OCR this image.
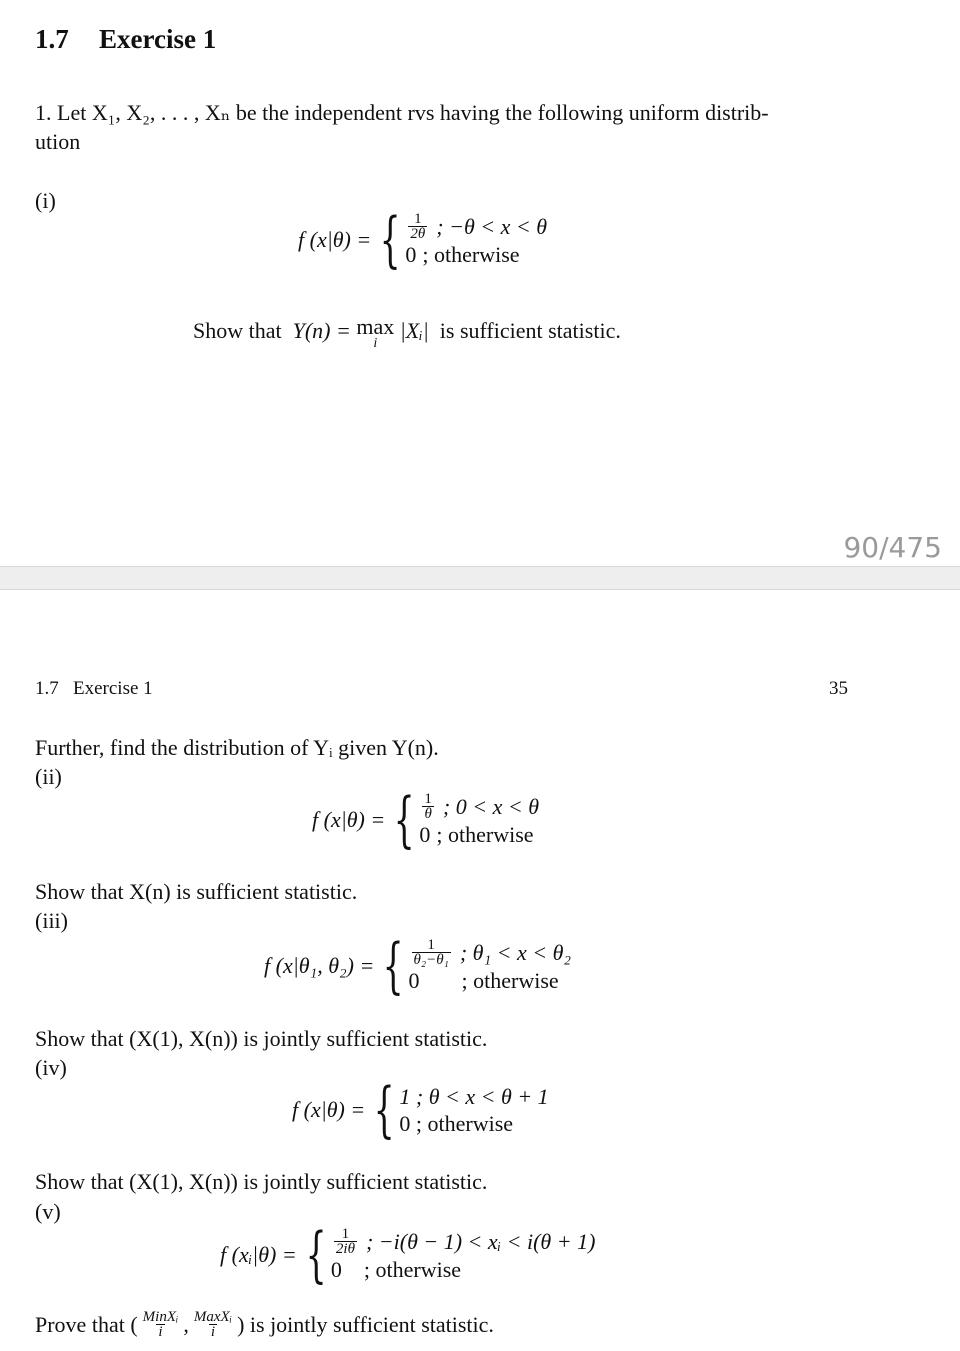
1.7 Exercise 1
1. Let X₁, X₂, . . . , Xₙ be the independent rvs having the following uniform distrib-
ution
(i)
f (x|θ) = { $\frac{1}{2\theta}$ ; −θ < x < θ
0 ; otherwise
Show that Y(n) = max
i
|Xᵢ| is sufficient statistic.
90/475
1.7 Exercise 1	35
Further, find the distribution of Yᵢ given Y(n).
(ii)
f (x|θ) = { $\frac{1}{\theta}$ ; 0 < x < θ
0 ; otherwise
Show that X(n) is sufficient statistic.
(iii)
f (x|θ₁, θ₂) = { $\frac{1}{\text{θ₂−θ₁}}$ ; θ₁ < x < θ₂
0 ; otherwise
Show that (X(1), X(n)) is jointly sufficient statistic.
(iv)
f (x|θ) = { 1 ; θ < x < θ + 1
0 ; otherwise
Show that (X(1), X(n)) is jointly sufficient statistic.
(v)
f (xᵢ|θ) = { $\frac{1}{2i\theta}$ ; −i(θ − 1) < xᵢ < i(θ + 1)
0 ; otherwise
Prove that ( $\frac{\text{MinXᵢ}}{i}$ , $\frac{\text{MaxXᵢ}}{i}$ ) is jointly sufficient statistic.
